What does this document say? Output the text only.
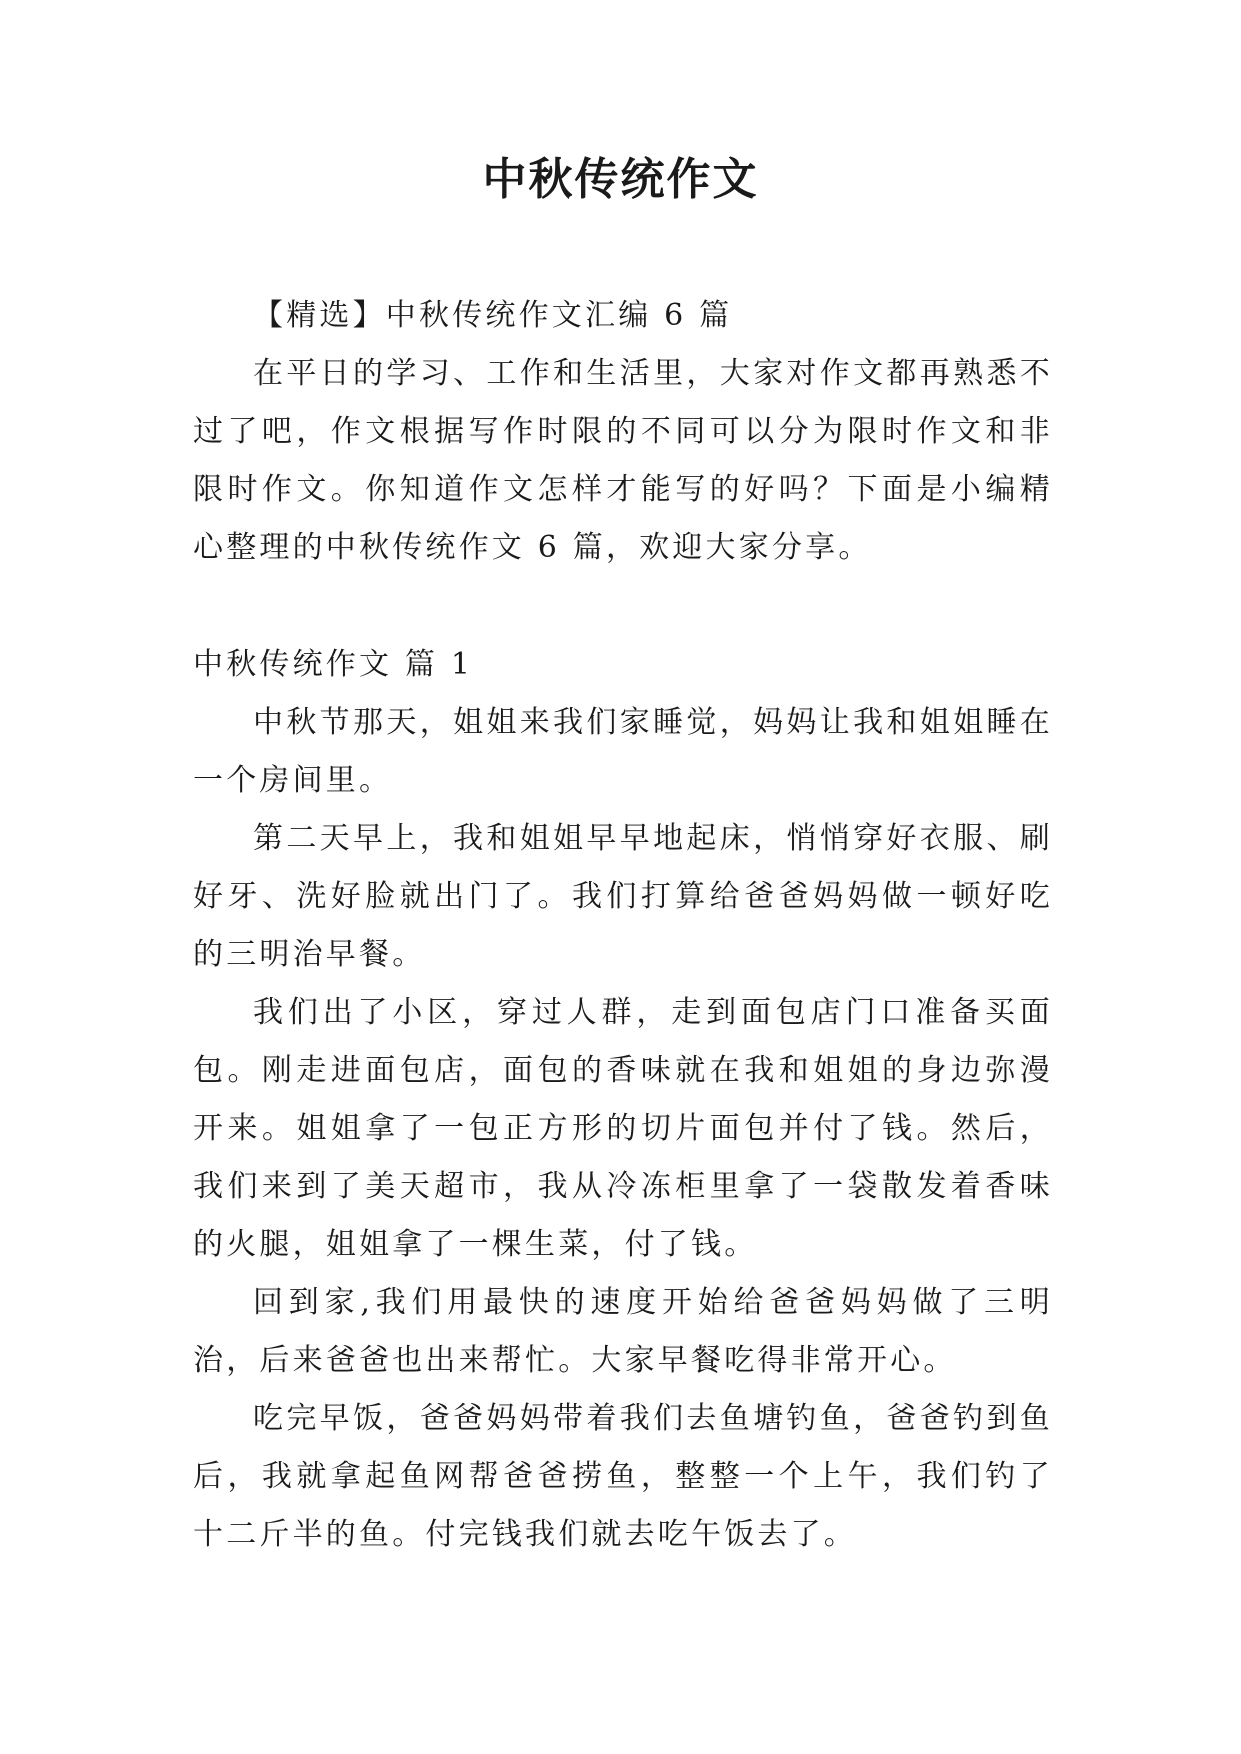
中秋传统作文

【精选】中秋传统作文汇编 6 篇

在平日的学习、工作和生活里，大家对作文都再熟悉不过了吧，作文根据写作时限的不同可以分为限时作文和非限时作文。你知道作文怎样才能写的好吗？下面是小编精心整理的中秋传统作文 6 篇，欢迎大家分享。

中秋传统作文 篇 1

中秋节那天，姐姐来我们家睡觉，妈妈让我和姐姐睡在一个房间里。

第二天早上，我和姐姐早早地起床，悄悄穿好衣服、刷好牙、洗好脸就出门了。我们打算给爸爸妈妈做一顿好吃的三明治早餐。

我们出了小区，穿过人群，走到面包店门口准备买面包。刚走进面包店，面包的香味就在我和姐姐的身边弥漫开来。姐姐拿了一包正方形的切片面包并付了钱。然后，我们来到了美天超市，我从冷冻柜里拿了一袋散发着香味的火腿，姐姐拿了一棵生菜，付了钱。

回到家,我们用最快的速度开始给爸爸妈妈做了三明治，后来爸爸也出来帮忙。大家早餐吃得非常开心。

吃完早饭，爸爸妈妈带着我们去鱼塘钓鱼，爸爸钓到鱼后，我就拿起鱼网帮爸爸捞鱼，整整一个上午，我们钓了十二斤半的鱼。付完钱我们就去吃午饭去了。
